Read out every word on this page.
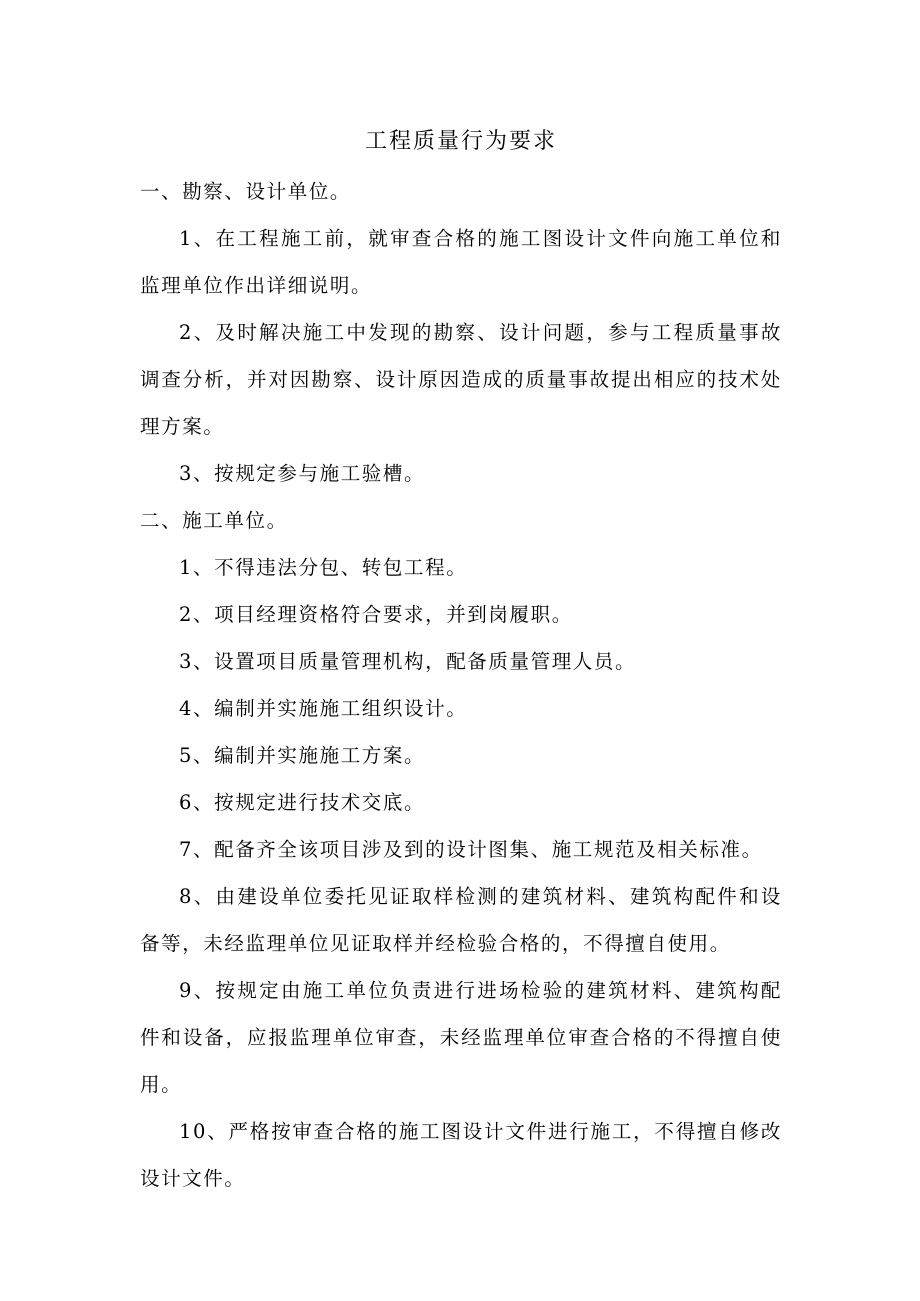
工程质量行为要求

一、勘察、设计单位。

1、在工程施工前，就审查合格的施工图设计文件向施工单位和监理单位作出详细说明。

2、及时解决施工中发现的勘察、设计问题，参与工程质量事故调查分析，并对因勘察、设计原因造成的质量事故提出相应的技术处理方案。

3、按规定参与施工验槽。

二、施工单位。

1、不得违法分包、转包工程。

2、项目经理资格符合要求，并到岗履职。

3、设置项目质量管理机构，配备质量管理人员。

4、编制并实施施工组织设计。

5、编制并实施施工方案。

6、按规定进行技术交底。

7、配备齐全该项目涉及到的设计图集、施工规范及相关标准。

8、由建设单位委托见证取样检测的建筑材料、建筑构配件和设备等，未经监理单位见证取样并经检验合格的，不得擅自使用。

9、按规定由施工单位负责进行进场检验的建筑材料、建筑构配件和设备，应报监理单位审查，未经监理单位审查合格的不得擅自使用。

10、严格按审查合格的施工图设计文件进行施工，不得擅自修改设计文件。
